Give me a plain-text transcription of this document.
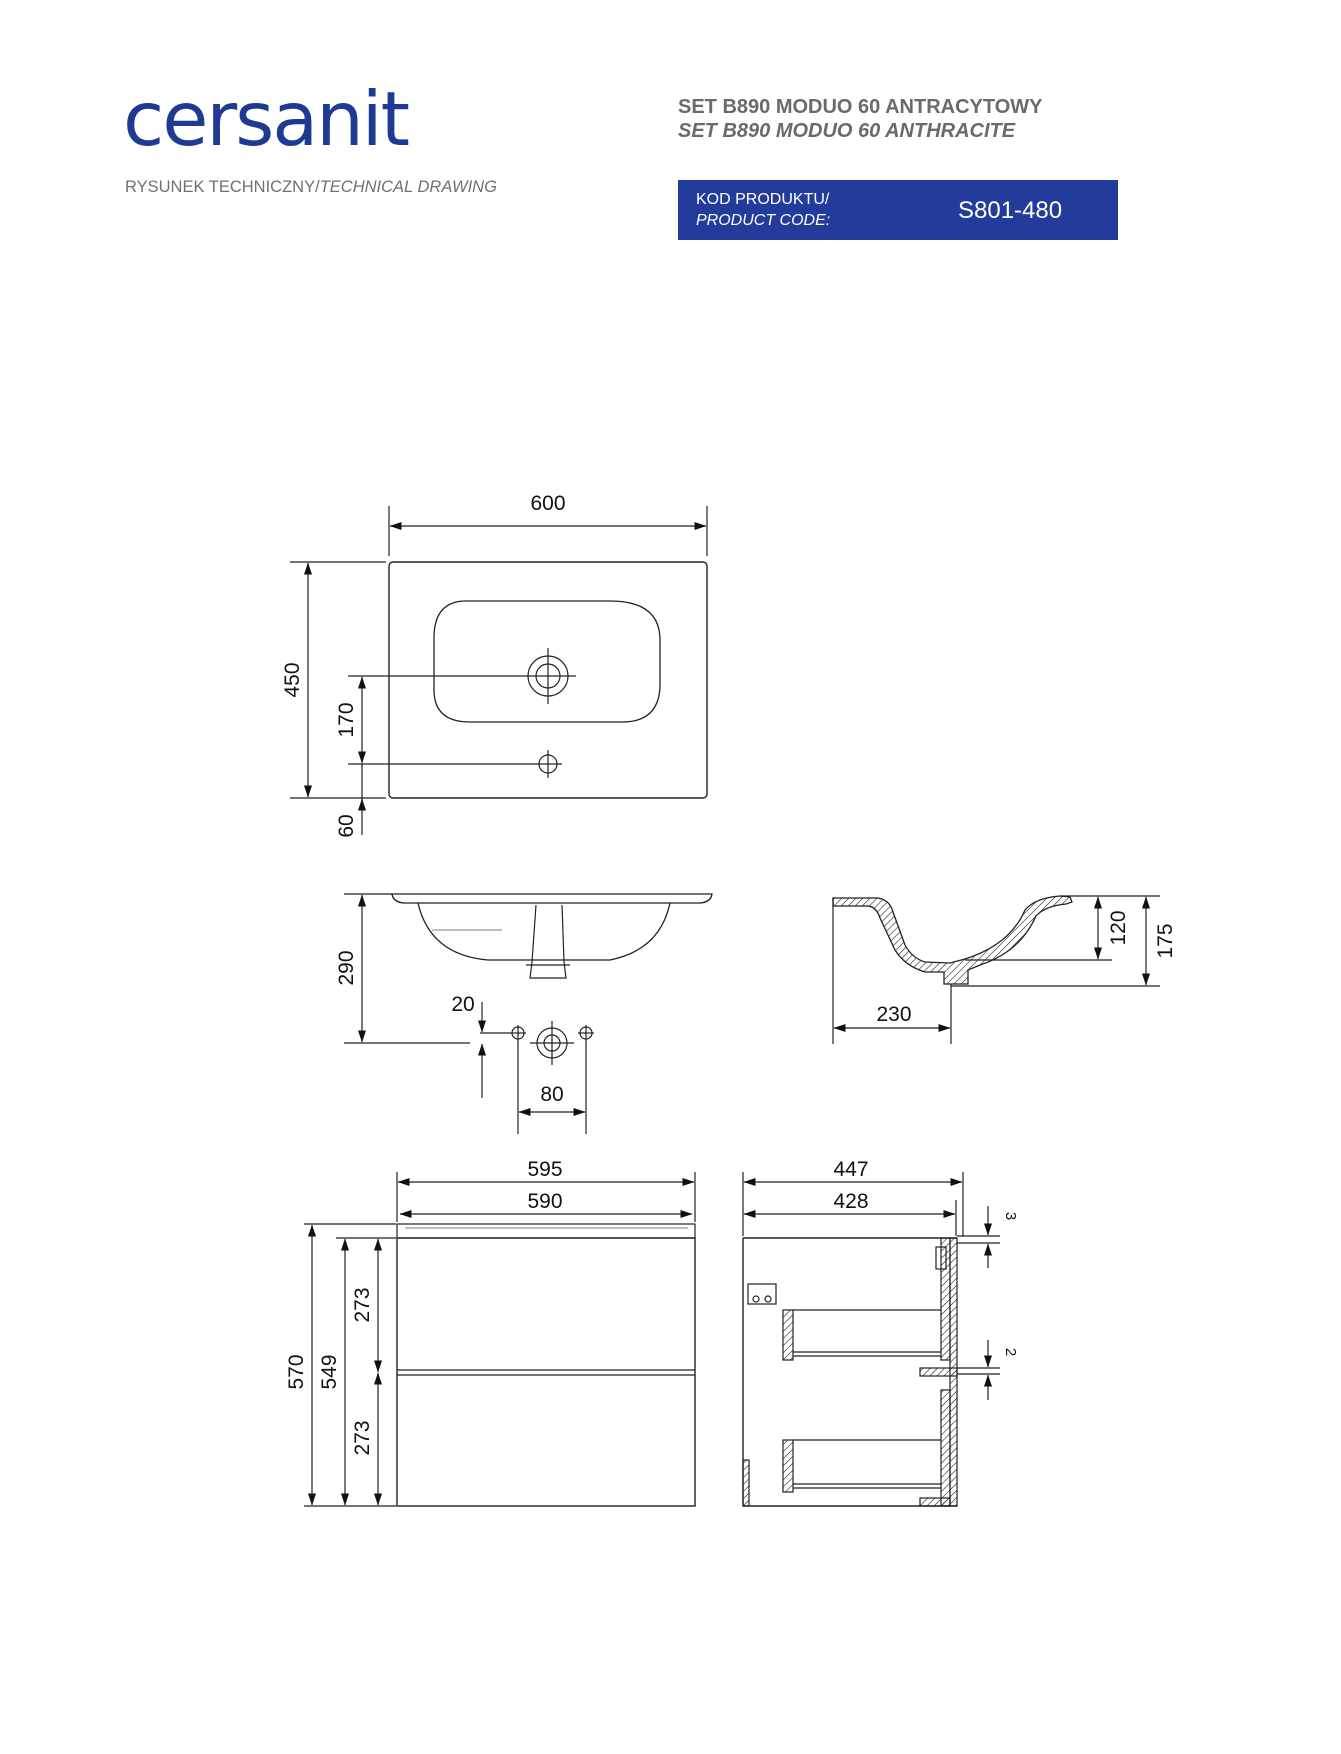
cersanit
RYSUNEK TECHNICZNY/TECHNICAL DRAWING
SET B890 MODUO 60 ANTRACYTOWY
SET B890 MODUO 60 ANTHRACITE
KOD PRODUKTU/
PRODUCT CODE:	S801-480
600
450
170
60
290
20
80
230
120 175
595
590
570 549
273
273
447
428
3
2
